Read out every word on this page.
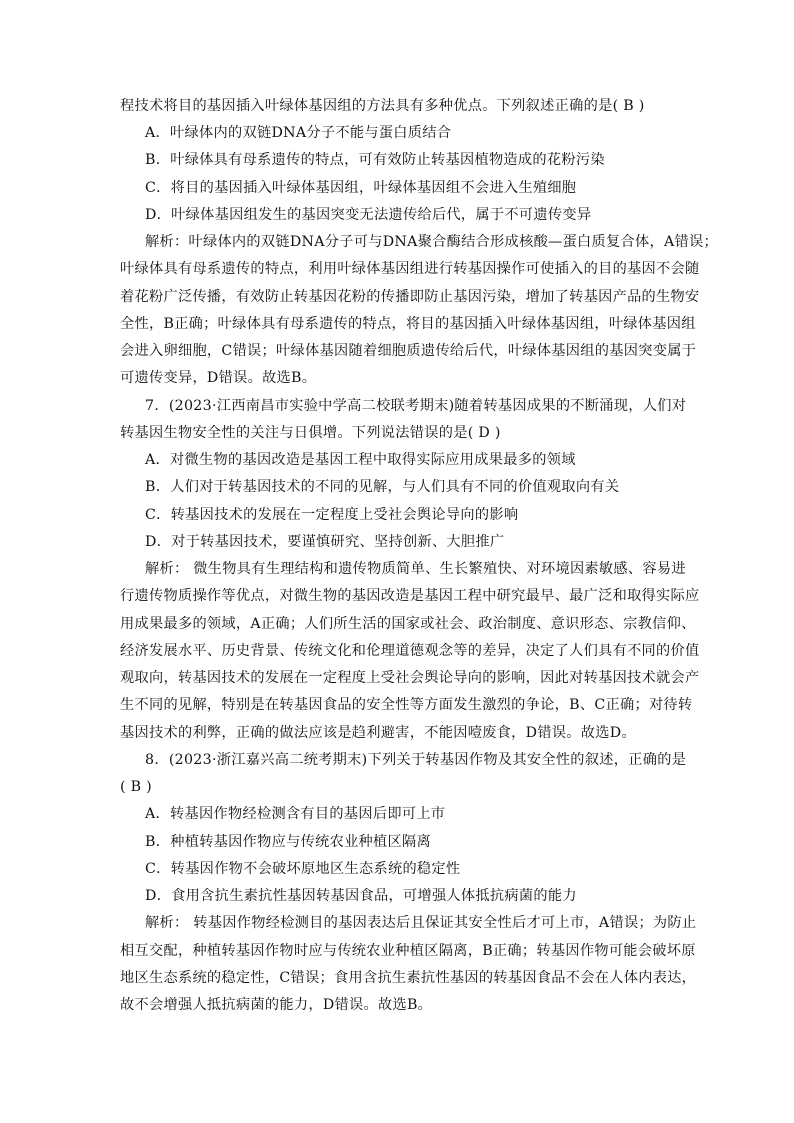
程技术将目的基因插入叶绿体基因组的方法具有多种优点。下列叙述正确的是( B )
A．叶绿体内的双链DNA分子不能与蛋白质结合
B．叶绿体具有母系遗传的特点，可有效防止转基因植物造成的花粉污染
C．将目的基因插入叶绿体基因组，叶绿体基因组不会进入生殖细胞
D．叶绿体基因组发生的基因突变无法遗传给后代，属于不可遗传变异
解析：叶绿体内的双链DNA分子可与DNA聚合酶结合形成核酸—蛋白质复合体，A错误；
叶绿体具有母系遗传的特点，利用叶绿体基因组进行转基因操作可使插入的目的基因不会随
着花粉广泛传播，有效防止转基因花粉的传播即防止基因污染，增加了转基因产品的生物安
全性，B正确；叶绿体具有母系遗传的特点，将目的基因插入叶绿体基因组，叶绿体基因组
会进入卵细胞，C错误；叶绿体基因随着细胞质遗传给后代，叶绿体基因组的基因突变属于
可遗传变异，D错误。故选B。
7．(2023·江西南昌市实验中学高二校联考期末)随着转基因成果的不断涌现，人们对
转基因生物安全性的关注与日俱增。下列说法错误的是( D )
A．对微生物的基因改造是基因工程中取得实际应用成果最多的领域
B．人们对于转基因技术的不同的见解，与人们具有不同的价值观取向有关
C．转基因技术的发展在一定程度上受社会舆论导向的影响
D．对于转基因技术，要谨慎研究、坚持创新、大胆推广
解析： 微生物具有生理结构和遗传物质简单、生长繁殖快、对环境因素敏感、容易进
行遗传物质操作等优点，对微生物的基因改造是基因工程中研究最早、最广泛和取得实际应
用成果最多的领域，A正确；人们所生活的国家或社会、政治制度、意识形态、宗教信仰、
经济发展水平、历史背景、传统文化和伦理道德观念等的差异，决定了人们具有不同的价值
观取向，转基因技术的发展在一定程度上受社会舆论导向的影响，因此对转基因技术就会产
生不同的见解，特别是在转基因食品的安全性等方面发生激烈的争论，B、C正确；对待转
基因技术的利弊，正确的做法应该是趋利避害，不能因噎废食，D错误。故选D。
8．(2023·浙江嘉兴高二统考期末)下列关于转基因作物及其安全性的叙述，正确的是
( B )
A．转基因作物经检测含有目的基因后即可上市
B．种植转基因作物应与传统农业种植区隔离
C．转基因作物不会破坏原地区生态系统的稳定性
D．食用含抗生素抗性基因转基因食品，可增强人体抵抗病菌的能力
解析： 转基因作物经检测目的基因表达后且保证其安全性后才可上市，A错误；为防止
相互交配，种植转基因作物时应与传统农业种植区隔离，B正确；转基因作物可能会破坏原
地区生态系统的稳定性，C错误；食用含抗生素抗性基因的转基因食品不会在人体内表达，
故不会增强人抵抗病菌的能力，D错误。故选B。
